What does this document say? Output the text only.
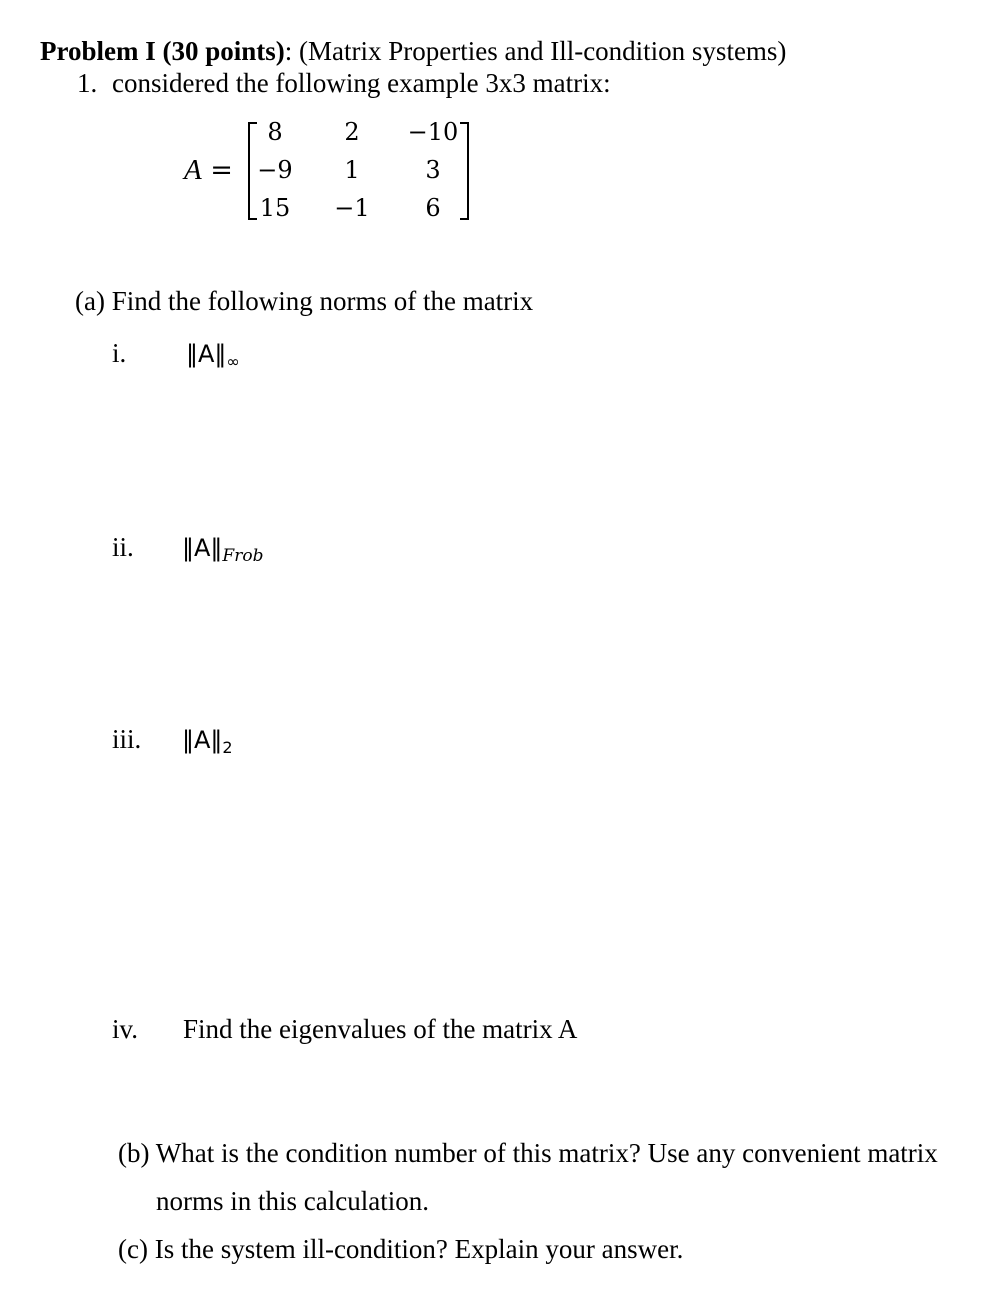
Problem I (30 points): (Matrix Properties and Ill-condition systems)
1. considered the following example 3x3 matrix:
A =
8	2	−10
−9	1	3
15	−1	6
(a) Find the following norms of the matrix
i. $‖A‖_\infty$
ii. $‖A‖_{Frob}$
iii. $‖A‖_2$
iv. Find the eigenvalues of the matrix A
(b) What is the condition number of this matrix? Use any convenient matrix
norms in this calculation.
(c) Is the system ill-condition? Explain your answer.
